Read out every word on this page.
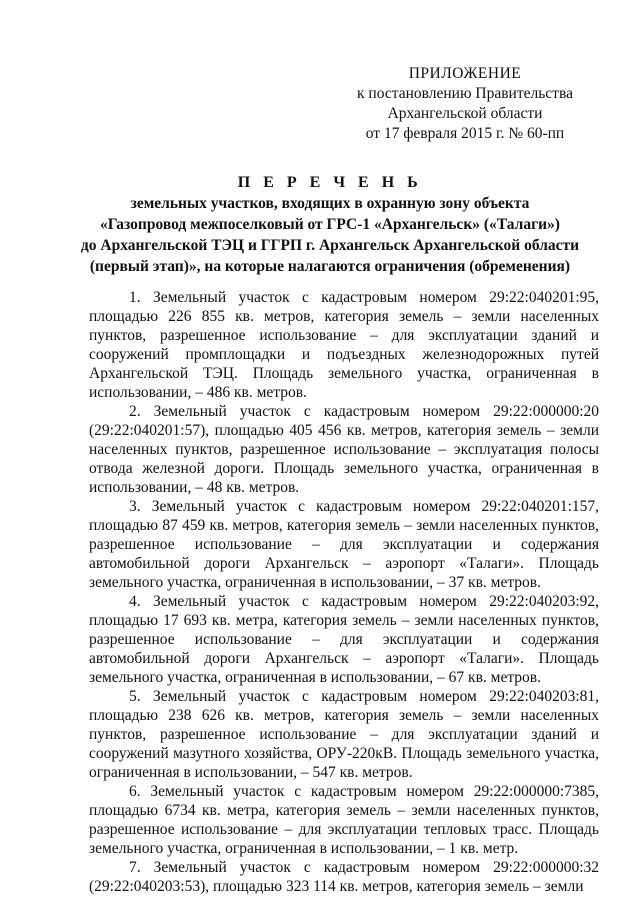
ПРИЛОЖЕНИЕ
к постановлению Правительства
Архангельской области
от 17 февраля 2015 г. № 60-пп
П Е Р Е Ч Е Н Ь
земельных участков, входящих в охранную зону объекта
«Газопровод межпоселковый от ГРС-1 «Архангельск» («Талаги»)
до Архангельской ТЭЦ и ГГРП г. Архангельск Архангельской области
(первый этап)», на которые налагаются ограничения (обременения)

1. Земельный участок с кадастровым номером 29:22:040201:95, площадью 226 855 кв. метров, категория земель – земли населенных пунктов, разрешенное использование – для эксплуатации зданий и сооружений промплощадки и подъездных железнодорожных путей Архангельской ТЭЦ. Площадь земельного участка, ограниченная в использовании, – 486 кв. метров.

2. Земельный участок с кадастровым номером 29:22:000000:20 (29:22:040201:57), площадью 405 456 кв. метров, категория земель – земли населенных пунктов, разрешенное использование – эксплуатация полосы отвода железной дороги. Площадь земельного участка, ограниченная в использовании, – 48 кв. метров.

3. Земельный участок с кадастровым номером 29:22:040201:157, площадью 87 459 кв. метров, категория земель – земли населенных пунктов, разрешенное использование – для эксплуатации и содержания автомобильной дороги Архангельск – аэропорт «Талаги». Площадь земельного участка, ограниченная в использовании, – 37 кв. метров.

4. Земельный участок с кадастровым номером 29:22:040203:92, площадью 17 693 кв. метра, категория земель – земли населенных пунктов, разрешенное использование – для эксплуатации и содержания автомобильной дороги Архангельск – аэропорт «Талаги». Площадь земельного участка, ограниченная в использовании, – 67 кв. метров.

5. Земельный участок с кадастровым номером 29:22:040203:81, площадью 238 626 кв. метров, категория земель – земли населенных пунктов, разрешенное использование – для эксплуатации зданий и сооружений мазутного хозяйства, ОРУ-220кВ. Площадь земельного участка, ограниченная в использовании, – 547 кв. метров.

6. Земельный участок с кадастровым номером 29:22:000000:7385, площадью 6734 кв. метра, категория земель – земли населенных пунктов, разрешенное использование – для эксплуатации тепловых трасс. Площадь земельного участка, ограниченная в использовании, – 1 кв. метр.

7. Земельный участок с кадастровым номером 29:22:000000:32 (29:22:040203:53), площадью 323 114 кв. метров, категория земель – земли
